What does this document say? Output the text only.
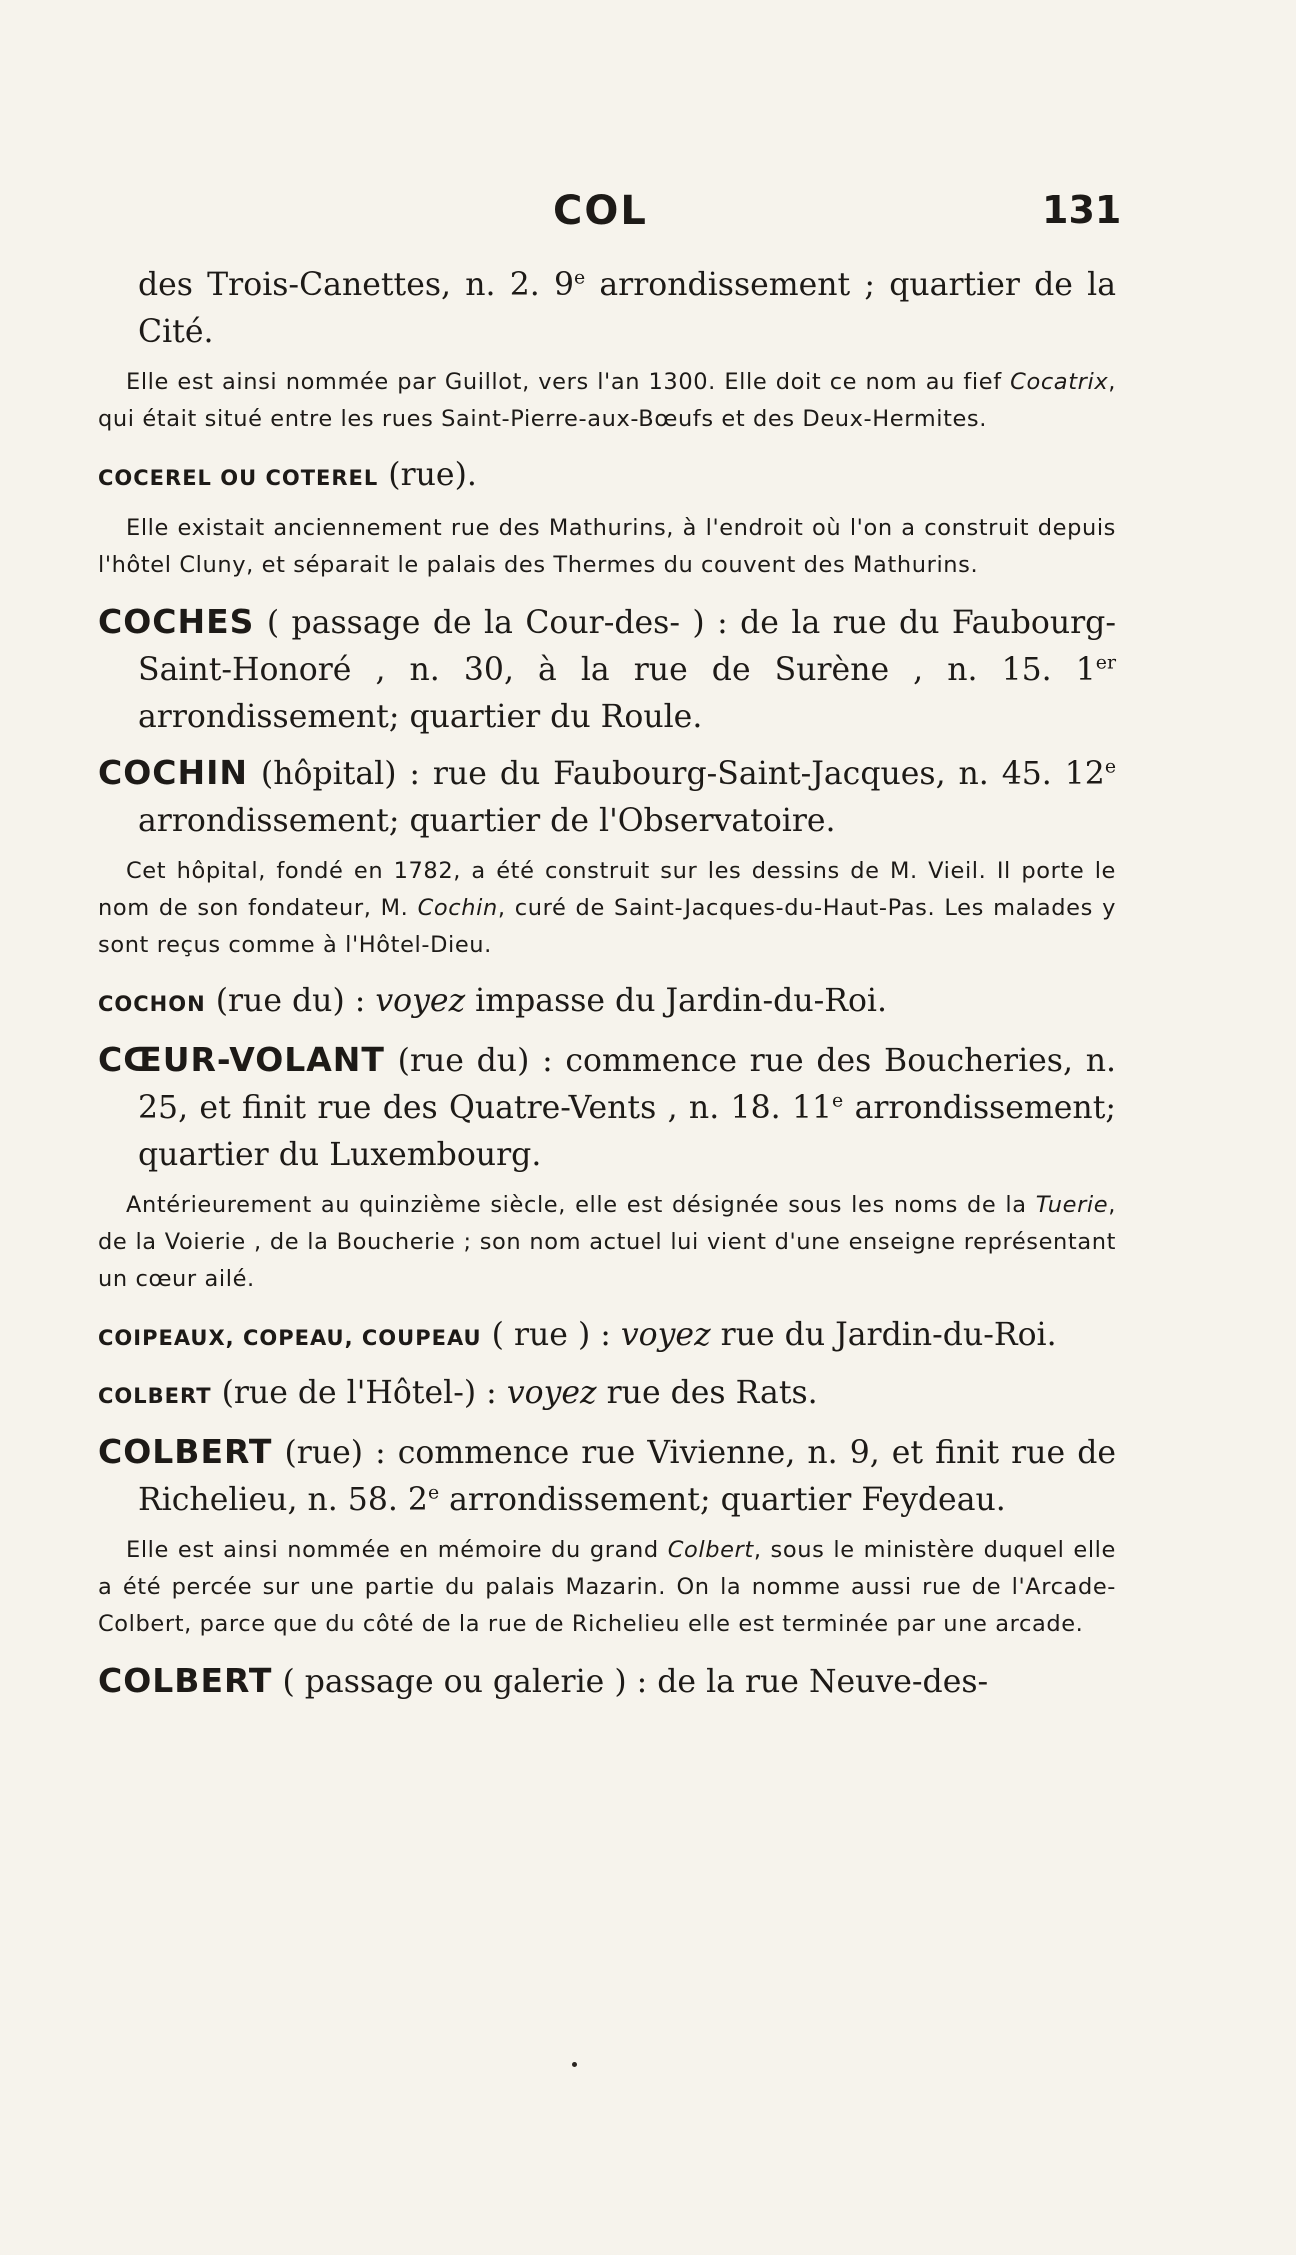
COL	131

des Trois-Canettes, n. 2. 9e arrondissement ; quartier de la Cité.

Elle est ainsi nommée par Guillot, vers l'an 1300. Elle doit ce nom au fief Cocatrix, qui était situé entre les rues Saint-Pierre-aux-Bœufs et des Deux-Hermites.

COCEREL OU COTEREL (rue).

Elle existait anciennement rue des Mathurins, à l'endroit où l'on a construit depuis l'hôtel Cluny, et séparait le palais des Thermes du couvent des Mathurins.

COCHES ( passage de la Cour-des- ) : de la rue du Faubourg-Saint-Honoré , n. 30, à la rue de Surène , n. 15. 1er arrondissement; quartier du Roule.

COCHIN (hôpital) : rue du Faubourg-Saint-Jacques, n. 45. 12e arrondissement; quartier de l'Observatoire.

Cet hôpital, fondé en 1782, a été construit sur les dessins de M. Vieil. Il porte le nom de son fondateur, M. Cochin, curé de Saint-Jacques-du-Haut-Pas. Les malades y sont reçus comme à l'Hôtel-Dieu.

COCHON (rue du) : voyez impasse du Jardin-du-Roi.

CŒUR-VOLANT (rue du) : commence rue des Boucheries, n. 25, et finit rue des Quatre-Vents , n. 18. 11e arrondissement; quartier du Luxembourg.

Antérieurement au quinzième siècle, elle est désignée sous les noms de la Tuerie, de la Voierie , de la Boucherie ; son nom actuel lui vient d'une enseigne représentant un cœur ailé.

COIPEAUX, COPEAU, COUPEAU ( rue ) : voyez rue du Jardin-du-Roi.

COLBERT (rue de l'Hôtel-) : voyez rue des Rats.

COLBERT (rue) : commence rue Vivienne, n. 9, et finit rue de Richelieu, n. 58. 2e arrondissement; quartier Feydeau.

Elle est ainsi nommée en mémoire du grand Colbert, sous le ministère duquel elle a été percée sur une partie du palais Mazarin. On la nomme aussi rue de l'Arcade-Colbert, parce que du côté de la rue de Richelieu elle est terminée par une arcade.

COLBERT ( passage ou galerie ) : de la rue Neuve-des-
